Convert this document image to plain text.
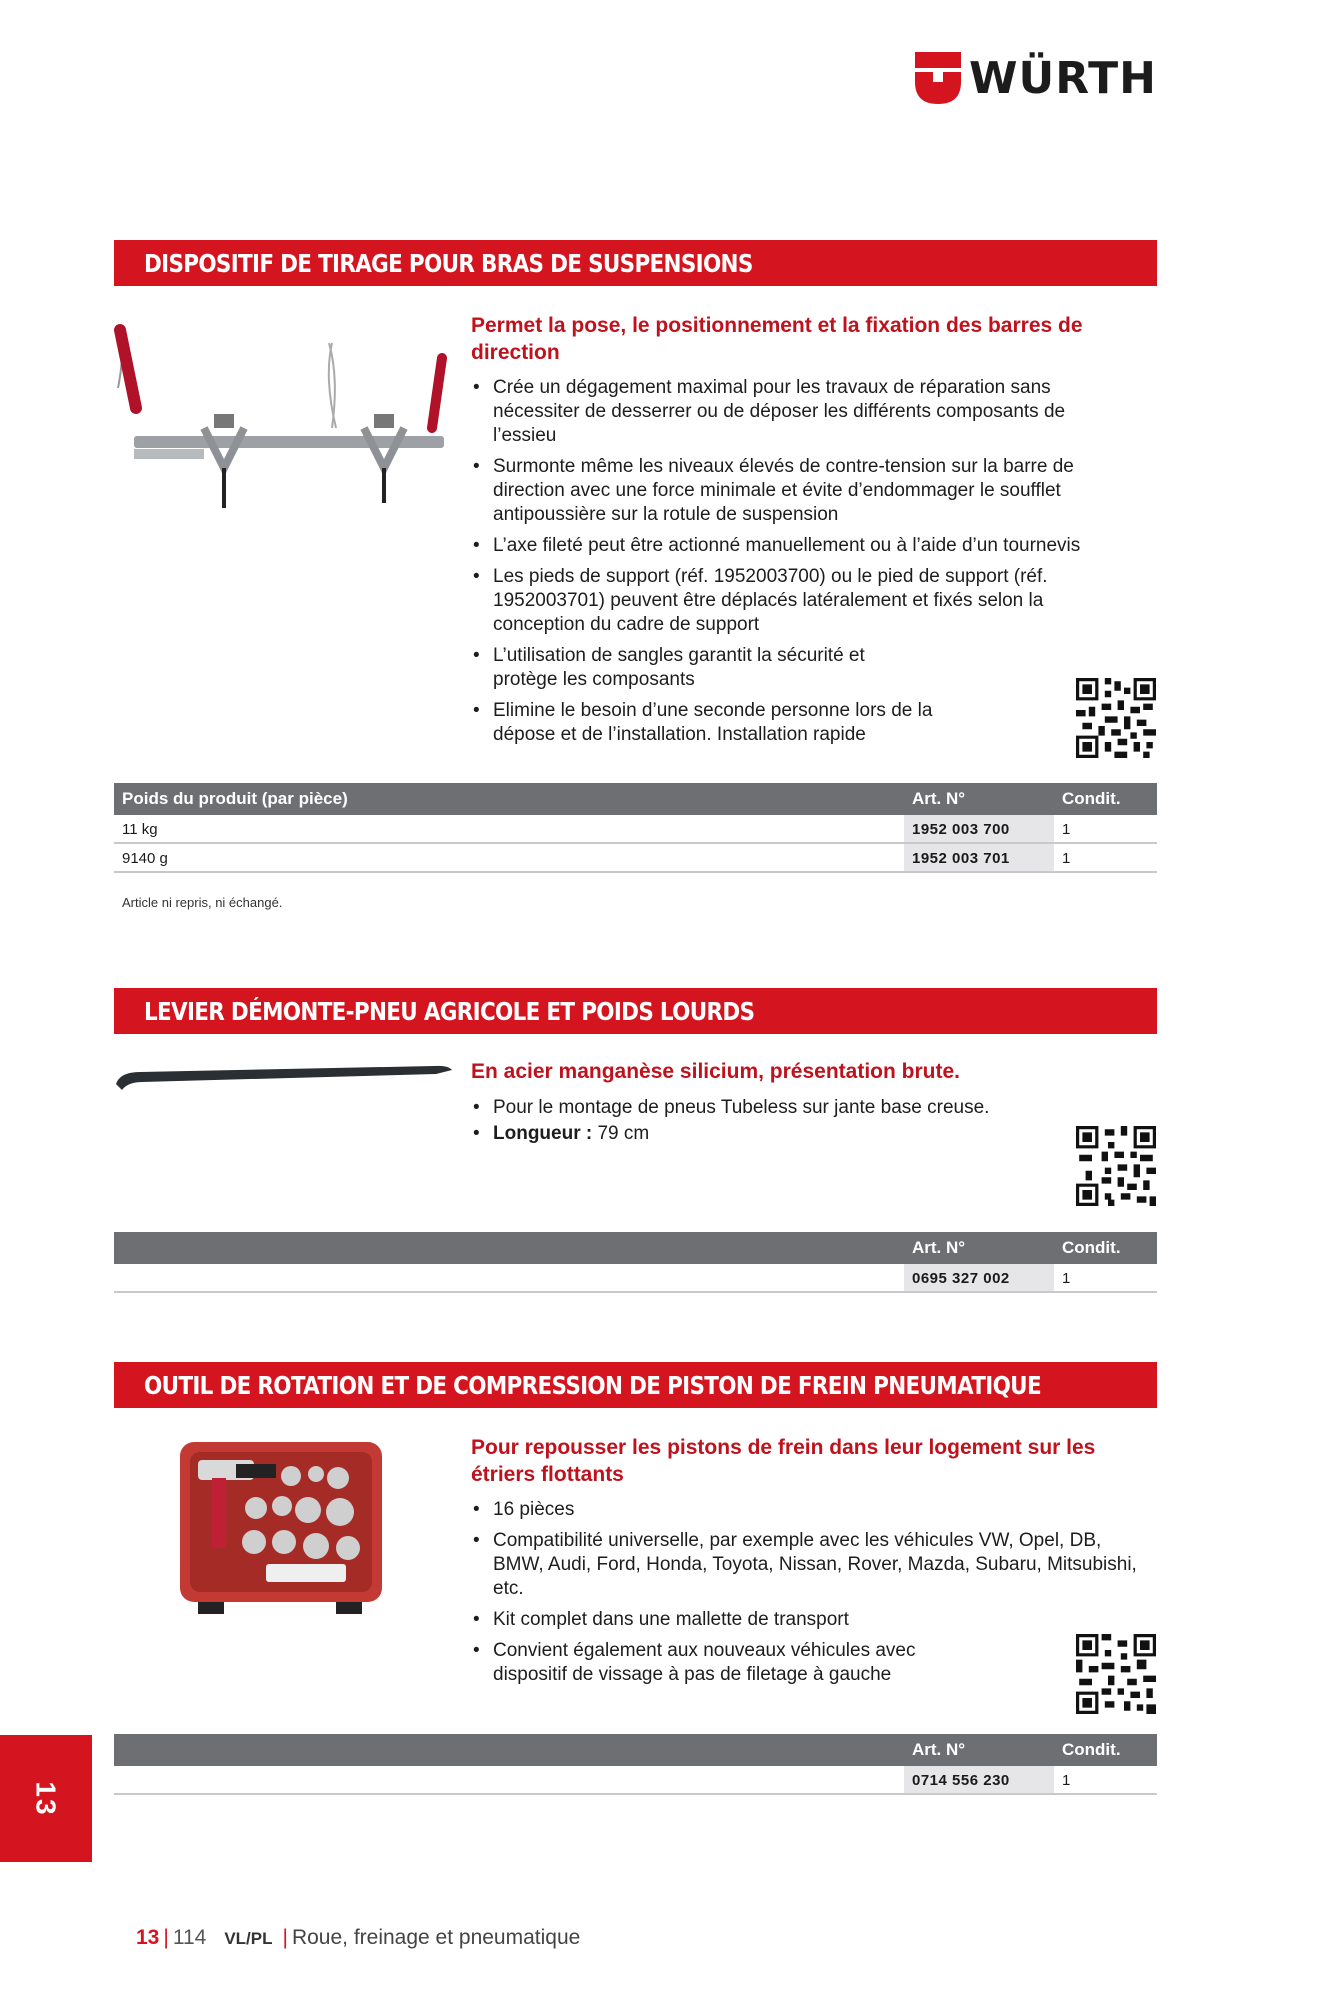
WÜRTH
DISPOSITIF DE TIRAGE POUR BRAS DE SUSPENSIONS
Permet la pose, le positionnement et la fixation des barres de direction
• Crée un dégagement maximal pour les travaux de réparation sans nécessiter de desserrer ou de déposer les différents composants de l’essieu
• Surmonte même les niveaux élevés de contre-tension sur la barre de direction avec une force minimale et évite d’endommager le soufflet antipoussière sur la rotule de suspension
• L’axe fileté peut être actionné manuellement ou à l’aide d’un tournevis
• Les pieds de support (réf. 1952003700) ou le pied de support (réf. 1952003701) peuvent être déplacés latéralement et fixés selon la conception du cadre de support
• L’utilisation de sangles garantit la sécurité et protège les composants
• Elimine le besoin d’une seconde personne lors de la dépose et de l’installation. Installation rapide
Poids du produit (par pièce)	Art. N°	Condit.
11 kg	1952 003 700	1
9140 g	1952 003 701	1
Article ni repris, ni échangé.
LEVIER DÉMONTE-PNEU AGRICOLE ET POIDS LOURDS
En acier manganèse silicium, présentation brute.
• Pour le montage de pneus Tubeless sur jante base creuse.
• Longueur : 79 cm
Art. N°	Condit.
0695 327 002	1
OUTIL DE ROTATION ET DE COMPRESSION DE PISTON DE FREIN PNEUMATIQUE
Pour repousser les pistons de frein dans leur logement sur les étriers flottants
• 16 pièces
• Compatibilité universelle, par exemple avec les véhicules VW, Opel, DB, BMW, Audi, Ford, Honda, Toyota, Nissan, Rover, Mazda, Subaru, Mitsubishi, etc.
• Kit complet dans une mallette de transport
• Convient également aux nouveaux véhicules avec dispositif de vissage à pas de filetage à gauche
Art. N°	Condit.
0714 556 230	1
13
13 | 114 VL/PL | Roue, freinage et pneumatique
